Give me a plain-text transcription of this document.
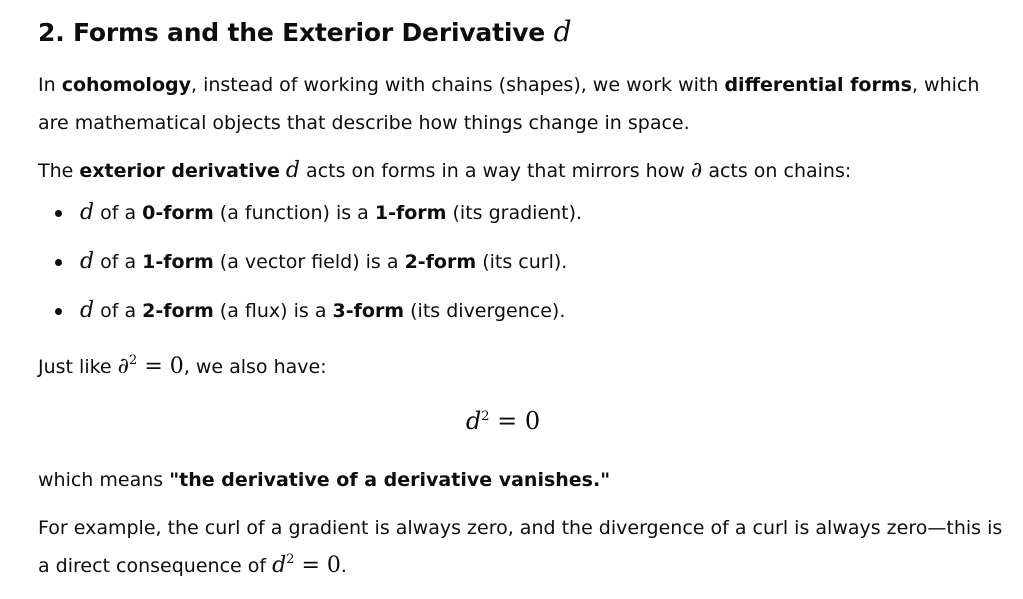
2. Forms and the Exterior Derivative d

In cohomology, instead of working with chains (shapes), we work with differential forms, which are mathematical objects that describe how things change in space.

The exterior derivative d acts on forms in a way that mirrors how ∂ acts on chains:

d of a 0-form (a function) is a 1-form (its gradient).
d of a 1-form (a vector field) is a 2-form (its curl).
d of a 2-form (a flux) is a 3-form (its divergence).

Just like ∂$^2$ = 0, we also have:

$d^2 = 0$

which means "the derivative of a derivative vanishes."

For example, the curl of a gradient is always zero, and the divergence of a curl is always zero—this is a direct consequence of $d^2 = 0$.
